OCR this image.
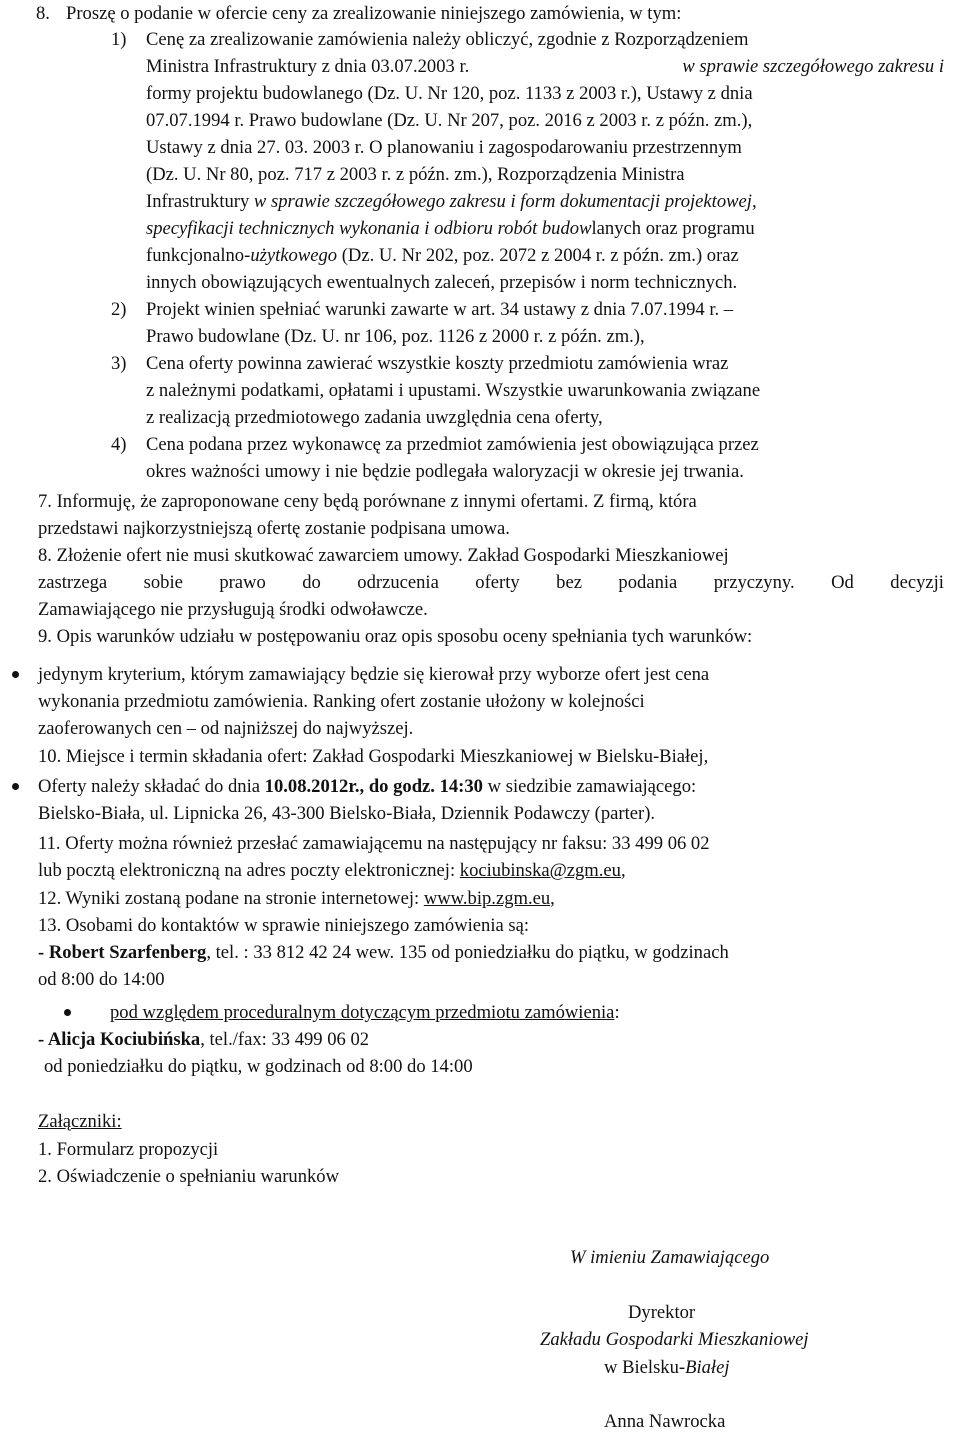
8. Proszę o podanie w ofercie ceny za zrealizowanie niniejszego zamówienia, w tym:
1) Cenę za zrealizowanie zamówienia należy obliczyć, zgodnie z Rozporządzeniem
Ministra Infrastruktury z dnia 03.07.2003 r.	w sprawie szczegółowego zakresu i
formy projektu budowlanego (Dz. U. Nr 120, poz. 1133 z 2003 r.), Ustawy z dnia
07.07.1994 r. Prawo budowlane (Dz. U. Nr 207, poz. 2016 z 2003 r. z późn. zm.),
Ustawy z dnia 27. 03. 2003 r. O planowaniu i zagospodarowaniu przestrzennym
(Dz. U. Nr 80, poz. 717 z 2003 r. z późn. zm.), Rozporządzenia Ministra
Infrastruktury w sprawie szczegółowego zakresu i form dokumentacji projektowej,
specyfikacji technicznych wykonania i odbioru robót budowlanych oraz programu
funkcjonalno-użytkowego (Dz. U. Nr 202, poz. 2072 z 2004 r. z późn. zm.) oraz
innych obowiązujących ewentualnych zaleceń, przepisów i norm technicznych.
2) Projekt winien spełniać warunki zawarte w art. 34 ustawy z dnia 7.07.1994 r. –
Prawo budowlane (Dz. U. nr 106, poz. 1126 z 2000 r. z późn. zm.),
3) Cena oferty powinna zawierać wszystkie koszty przedmiotu zamówienia wraz
z należnymi podatkami, opłatami i upustami. Wszystkie uwarunkowania związane
z realizacją przedmiotowego zadania uwzględnia cena oferty,
4) Cena podana przez wykonawcę za przedmiot zamówienia jest obowiązująca przez
okres ważności umowy i nie będzie podlegała waloryzacji w okresie jej trwania.
7. Informuję, że zaproponowane ceny będą porównane z innymi ofertami. Z firmą, która
przedstawi najkorzystniejszą ofertę zostanie podpisana umowa.
8. Złożenie ofert nie musi skutkować zawarciem umowy. Zakład Gospodarki Mieszkaniowej
zastrzega sobie prawo do odrzucenia oferty bez podania przyczyny. Od decyzji
Zamawiającego nie przysługują środki odwoławcze.
9. Opis warunków udziału w postępowaniu oraz opis sposobu oceny spełniania tych warunków:
jedynym kryterium, którym zamawiający będzie się kierował przy wyborze ofert jest cena
wykonania przedmiotu zamówienia. Ranking ofert zostanie ułożony w kolejności
zaoferowanych cen – od najniższej do najwyższej.
10. Miejsce i termin składania ofert: Zakład Gospodarki Mieszkaniowej w Bielsku-Białej,
Oferty należy składać do dnia 10.08.2012r., do godz. 14:30 w siedzibie zamawiającego:
Bielsko-Biała, ul. Lipnicka 26, 43-300 Bielsko-Biała, Dziennik Podawczy (parter).
11. Oferty można również przesłać zamawiającemu na następujący nr faksu: 33 499 06 02
lub pocztą elektroniczną na adres poczty elektronicznej: kociubinska@zgm.eu,
12. Wyniki zostaną podane na stronie internetowej: www.bip.zgm.eu,
13. Osobami do kontaktów w sprawie niniejszego zamówienia są:
- Robert Szarfenberg, tel. : 33 812 42 24 wew. 135 od poniedziałku do piątku, w godzinach
od 8:00 do 14:00
pod względem proceduralnym dotyczącym przedmiotu zamówienia:
- Alicja Kociubińska, tel./fax: 33 499 06 02
od poniedziałku do piątku, w godzinach od 8:00 do 14:00
Załączniki:
1. Formularz propozycji
2. Oświadczenie o spełnianiu warunków
W imieniu Zamawiającego
Dyrektor
Zakładu Gospodarki Mieszkaniowej
w Bielsku-Białej
Anna Nawrocka
